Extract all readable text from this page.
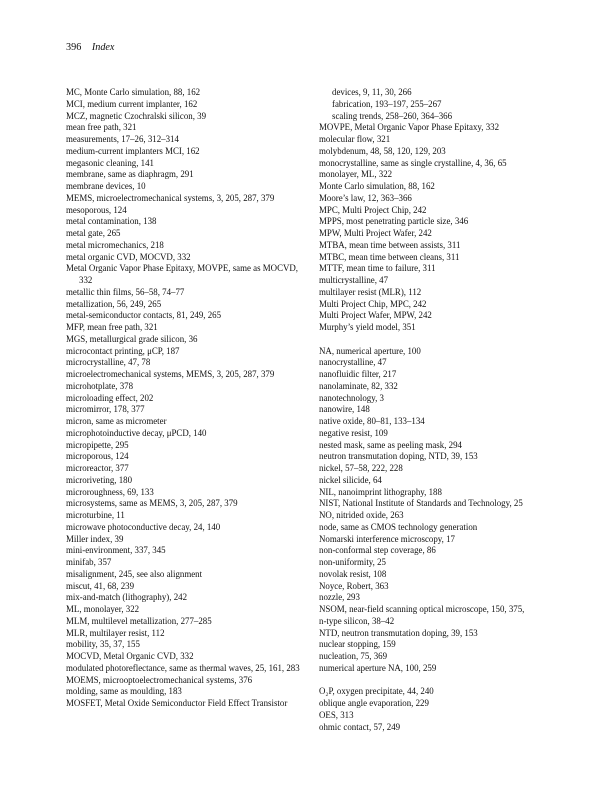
396 Index
MC, Monte Carlo simulation, 88, 162
MCI, medium current implanter, 162
MCZ, magnetic Czochralski silicon, 39
mean free path, 321
measurements, 17–26, 312–314
medium-current implanters MCI, 162
megasonic cleaning, 141
membrane, same as diaphragm, 291
membrane devices, 10
MEMS, microelectromechanical systems, 3, 205, 287, 379
mesoporous, 124
metal contamination, 138
metal gate, 265
metal micromechanics, 218
metal organic CVD, MOCVD, 332
Metal Organic Vapor Phase Epitaxy, MOVPE, same as MOCVD, 332
metallic thin films, 56–58, 74–77
metallization, 56, 249, 265
metal-semiconductor contacts, 81, 249, 265
MFP, mean free path, 321
MGS, metallurgical grade silicon, 36
microcontact printing, μCP, 187
microcrystalline, 47, 78
microelectromechanical systems, MEMS, 3, 205, 287, 379
microhotplate, 378
microloading effect, 202
micromirror, 178, 377
micron, same as micrometer
microphotoinductive decay, μPCD, 140
micropipette, 295
microporous, 124
microreactor, 377
microriveting, 180
microroughness, 69, 133
microsystems, same as MEMS, 3, 205, 287, 379
microturbine, 11
microwave photoconductive decay, 24, 140
Miller index, 39
mini-environment, 337, 345
minifab, 357
misalignment, 245, see also alignment
miscut, 41, 68, 239
mix-and-match (lithography), 242
ML, monolayer, 322
MLM, multilevel metallization, 277–285
MLR, multilayer resist, 112
mobility, 35, 37, 155
MOCVD, Metal Organic CVD, 332
modulated photoreflectance, same as thermal waves, 25, 161, 283
MOEMS, microoptoelectromechanical systems, 376
molding, same as moulding, 183
MOSFET, Metal Oxide Semiconductor Field Effect Transistor
devices, 9, 11, 30, 266
fabrication, 193–197, 255–267
scaling trends, 258–260, 364–366
MOVPE, Metal Organic Vapor Phase Epitaxy, 332
molecular flow, 321
molybdenum, 48, 58, 120, 129, 203
monocrystalline, same as single crystalline, 4, 36, 65
monolayer, ML, 322
Monte Carlo simulation, 88, 162
Moore’s law, 12, 363–366
MPC, Multi Project Chip, 242
MPPS, most penetrating particle size, 346
MPW, Multi Project Wafer, 242
MTBA, mean time between assists, 311
MTBC, mean time between cleans, 311
MTTF, mean time to failure, 311
multicrystalline, 47
multilayer resist (MLR), 112
Multi Project Chip, MPC, 242
Multi Project Wafer, MPW, 242
Murphy’s yield model, 351
NA, numerical aperture, 100
nanocrystalline, 47
nanofluidic filter, 217
nanolaminate, 82, 332
nanotechnology, 3
nanowire, 148
native oxide, 80–81, 133–134
negative resist, 109
nested mask, same as peeling mask, 294
neutron transmutation doping, NTD, 39, 153
nickel, 57–58, 222, 228
nickel silicide, 64
NIL, nanoimprint lithography, 188
NIST, National Institute of Standards and Technology, 25
NO, nitrided oxide, 263
node, same as CMOS technology generation
Nomarski interference microscopy, 17
non-conformal step coverage, 86
non-uniformity, 25
novolak resist, 108
Noyce, Robert, 363
nozzle, 293
NSOM, near-field scanning optical microscope, 150, 375,
n-type silicon, 38–42
NTD, neutron transmutation doping, 39, 153
nuclear stopping, 159
nucleation, 75, 369
numerical aperture NA, 100, 259
O₂P, oxygen precipitate, 44, 240
oblique angle evaporation, 229
OES, 313
ohmic contact, 57, 249
